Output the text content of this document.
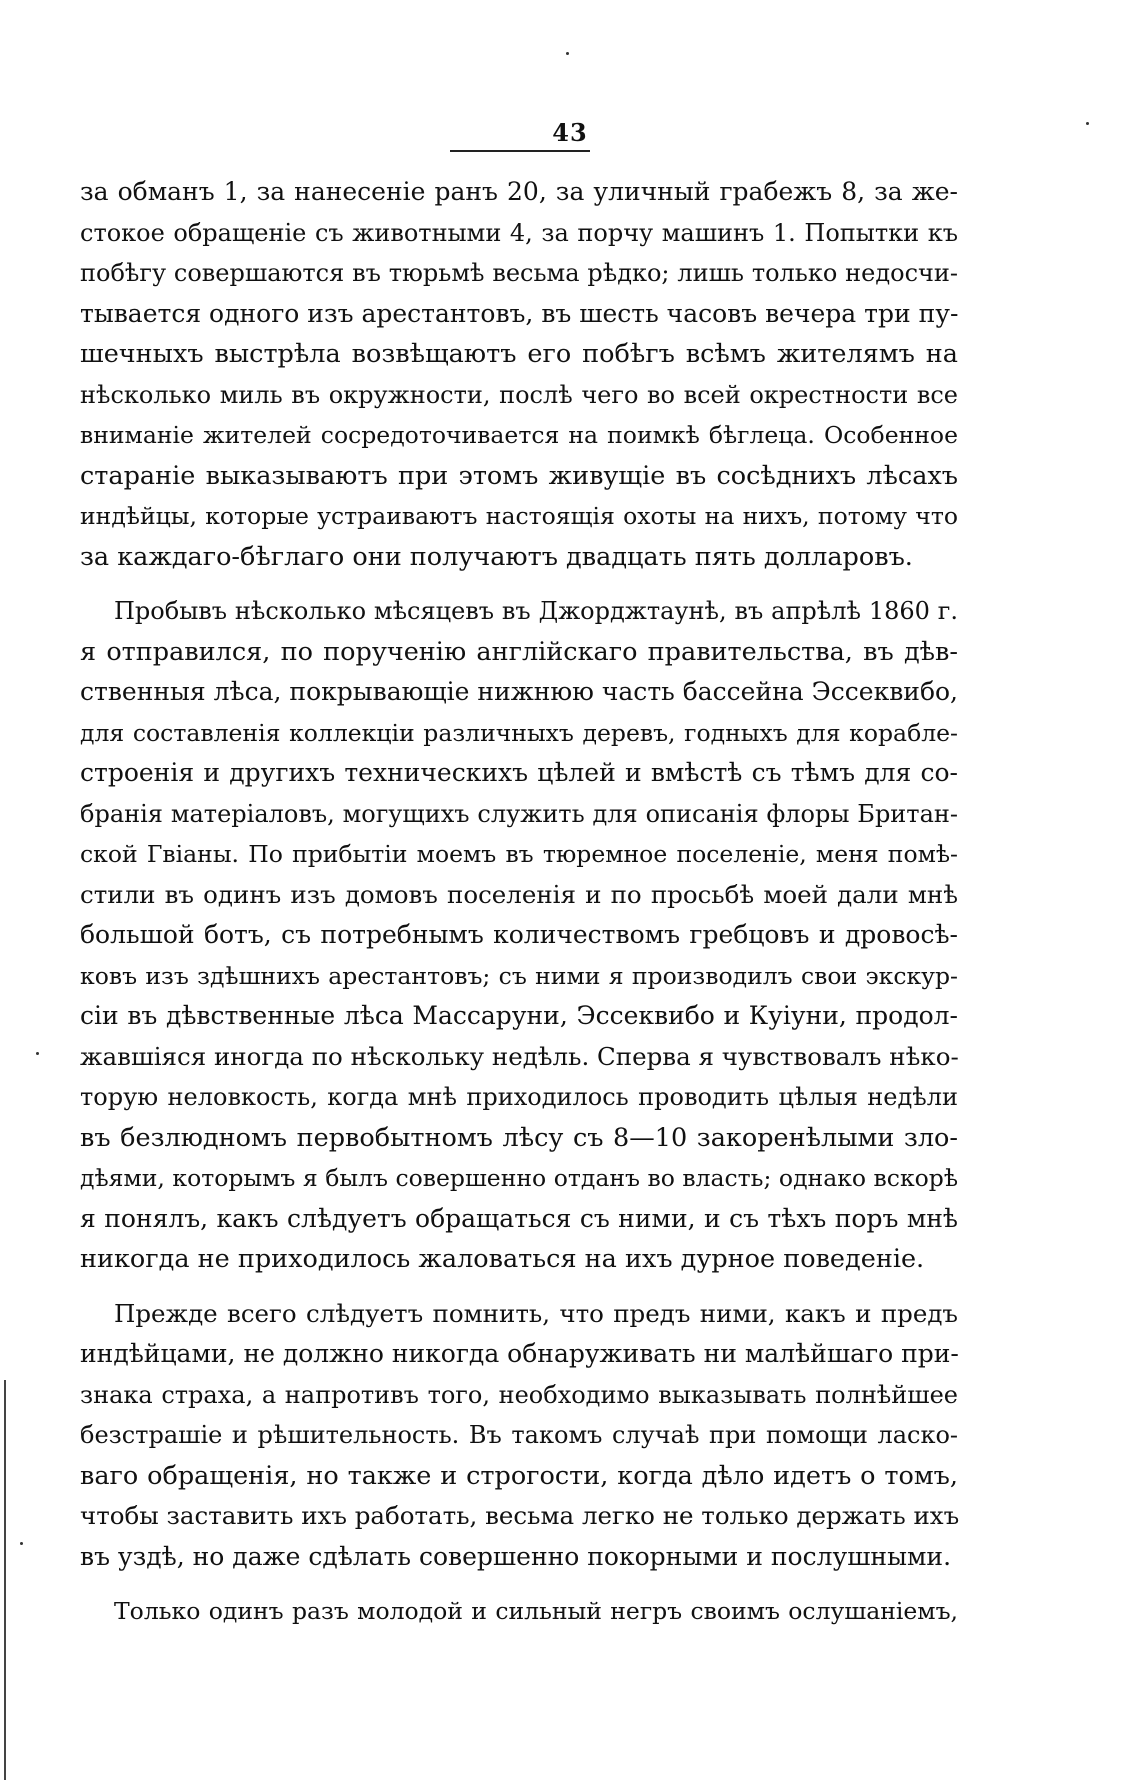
43
за обманъ 1, за нанесеніе ранъ 20, за уличный грабежъ 8, за же-
стокое обращеніе съ животными 4, за порчу машинъ 1. Попытки къ
побѣгу совершаются въ тюрьмѣ весьма рѣдко; лишь только недосчи-
тывается одного изъ арестантовъ, въ шесть часовъ вечера три пу-
шечныхъ выстрѣла возвѣщаютъ его побѣгъ всѣмъ жителямъ на
нѣсколько миль въ окружности, послѣ чего во всей окрестности все
вниманіе жителей сосредоточивается на поимкѣ бѣглеца. Особенное
стараніе выказываютъ при этомъ живущіе въ сосѣднихъ лѣсахъ
индѣйцы, которые устраиваютъ настоящія охоты на нихъ, потому что
за каждаго-бѣглаго они получаютъ двадцать пять долларовъ.
Пробывъ нѣсколько мѣсяцевъ въ Джорджтаунѣ, въ апрѣлѣ 1860 г.
я отправился, по порученію англійскаго правительства, въ дѣв-
ственныя лѣса, покрывающіе нижнюю часть бассейна Эссеквибо,
для составленія коллекціи различныхъ деревъ, годныхъ для корабле-
строенія и другихъ техническихъ цѣлей и вмѣстѣ съ тѣмъ для со-
бранія матеріаловъ, могущихъ служить для описанія флоры Британ-
ской Гвіаны. По прибытіи моемъ въ тюремное поселеніе, меня помѣ-
стили въ одинъ изъ домовъ поселенія и по просьбѣ моей дали мнѣ
большой ботъ, съ потребнымъ количествомъ гребцовъ и дровосѣ-
ковъ изъ здѣшнихъ арестантовъ; съ ними я производилъ свои экскур-
сіи въ дѣвственные лѣса Массаруни, Эссеквибо и Куіуни, продол-
жавшіяся иногда по нѣскольку недѣль. Сперва я чувствовалъ нѣко-
торую неловкость, когда мнѣ приходилось проводить цѣлыя недѣли
въ безлюдномъ первобытномъ лѣсу съ 8—10 закоренѣлыми зло-
дѣями, которымъ я былъ совершенно отданъ во власть; однако вскорѣ
я понялъ, какъ слѣдуетъ обращаться съ ними, и съ тѣхъ поръ мнѣ
никогда не приходилось жаловаться на ихъ дурное поведеніе.
Прежде всего слѣдуетъ помнить, что предъ ними, какъ и предъ
индѣйцами, не должно никогда обнаруживать ни малѣйшаго при-
знака страха, а напротивъ того, необходимо выказывать полнѣйшее
безстрашіе и рѣшительность. Въ такомъ случаѣ при помощи ласко-
ваго обращенія, но также и строгости, когда дѣло идетъ о томъ,
чтобы заставить ихъ работать, весьма легко не только держать ихъ
въ уздѣ, но даже сдѣлать совершенно покорными и послушными.
Только одинъ разъ молодой и сильный негръ своимъ ослушаніемъ,
